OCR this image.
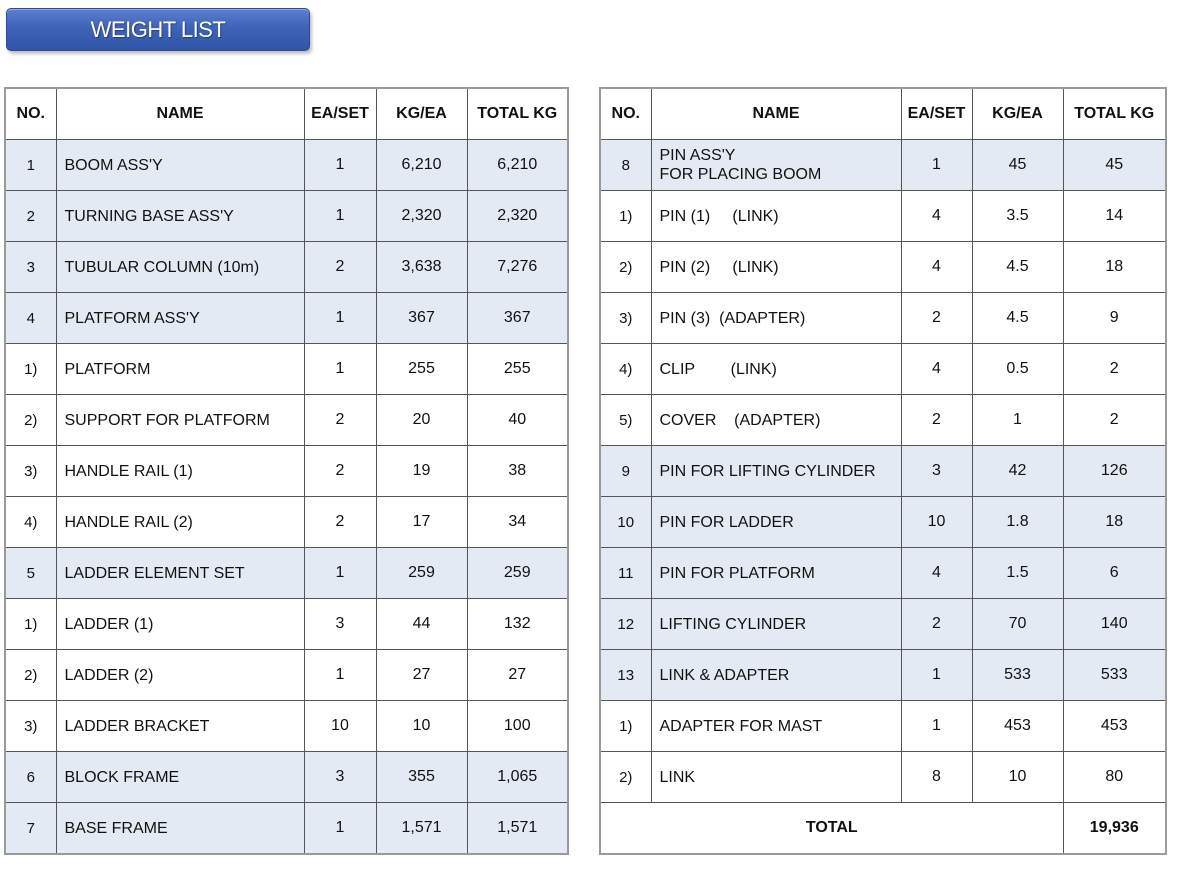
WEIGHT LIST
NO.	NAME	EA/SET	KG/EA	TOTAL KG
1	BOOM ASS'Y	1	6,210	6,210
2	TURNING BASE ASS'Y	1	2,320	2,320
3	TUBULAR COLUMN (10m)	2	3,638	7,276
4	PLATFORM ASS'Y	1	367	367
1)	PLATFORM	1	255	255
2)	SUPPORT FOR PLATFORM	2	20	40
3)	HANDLE RAIL (1)	2	19	38
4)	HANDLE RAIL (2)	2	17	34
5	LADDER ELEMENT SET	1	259	259
1)	LADDER (1)	3	44	132
2)	LADDER (2)	1	27	27
3)	LADDER BRACKET	10	10	100
6	BLOCK FRAME	3	355	1,065
7	BASE FRAME	1	1,571	1,571
NO.	NAME	EA/SET	KG/EA	TOTAL KG
8	PIN ASS'Y
FOR PLACING BOOM	1	45	45
1)	PIN (1)     (LINK)	4	3.5	14
2)	PIN (2)     (LINK)	4	4.5	18
3)	PIN (3)  (ADAPTER)	2	4.5	9
4)	CLIP        (LINK)	4	0.5	2
5)	COVER    (ADAPTER)	2	1	2
9	PIN FOR LIFTING CYLINDER	3	42	126
10	PIN FOR LADDER	10	1.8	18
11	PIN FOR PLATFORM	4	1.5	6
12	LIFTING CYLINDER	2	70	140
13	LINK & ADAPTER	1	533	533
1)	ADAPTER FOR MAST	1	453	453
2)	LINK	8	10	80
TOTAL				19,936
